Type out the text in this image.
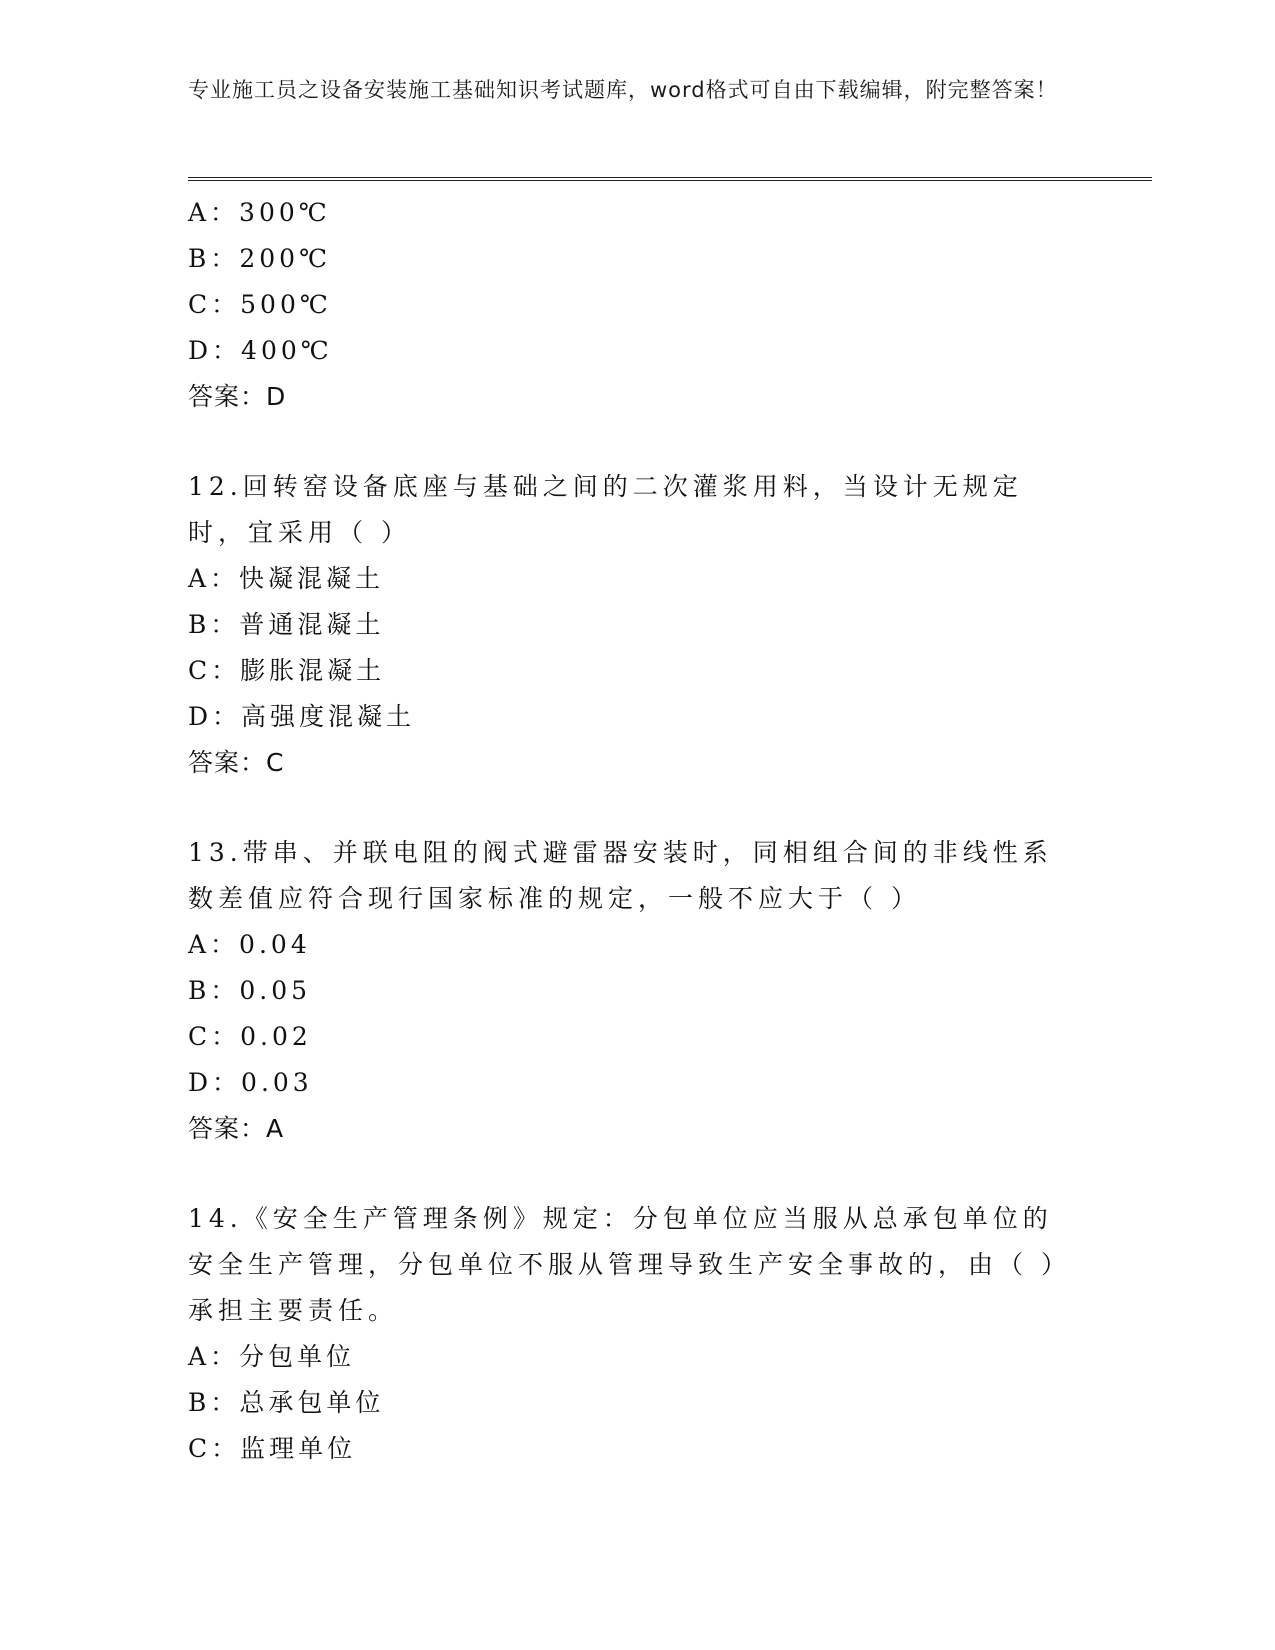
专业施工员之设备安装施工基础知识考试题库，word格式可自由下载编辑，附完整答案！
A：300℃
B：200℃
C：500℃
D：400℃
答案：D
12.回转窑设备底座与基础之间的二次灌浆用料，当设计无规定时，宜采用（ ）
A：快凝混凝土
B：普通混凝土
C：膨胀混凝土
D：高强度混凝土
答案：C
13.带串、并联电阻的阀式避雷器安装时，同相组合间的非线性系数差值应符合现行国家标准的规定，一般不应大于（ ）
A：0.04
B：0.05
C：0.02
D：0.03
答案：A
14.《安全生产管理条例》规定：分包单位应当服从总承包单位的安全生产管理，分包单位不服从管理导致生产安全事故的，由（ ）承担主要责任。
A：分包单位
B：总承包单位
C：监理单位
